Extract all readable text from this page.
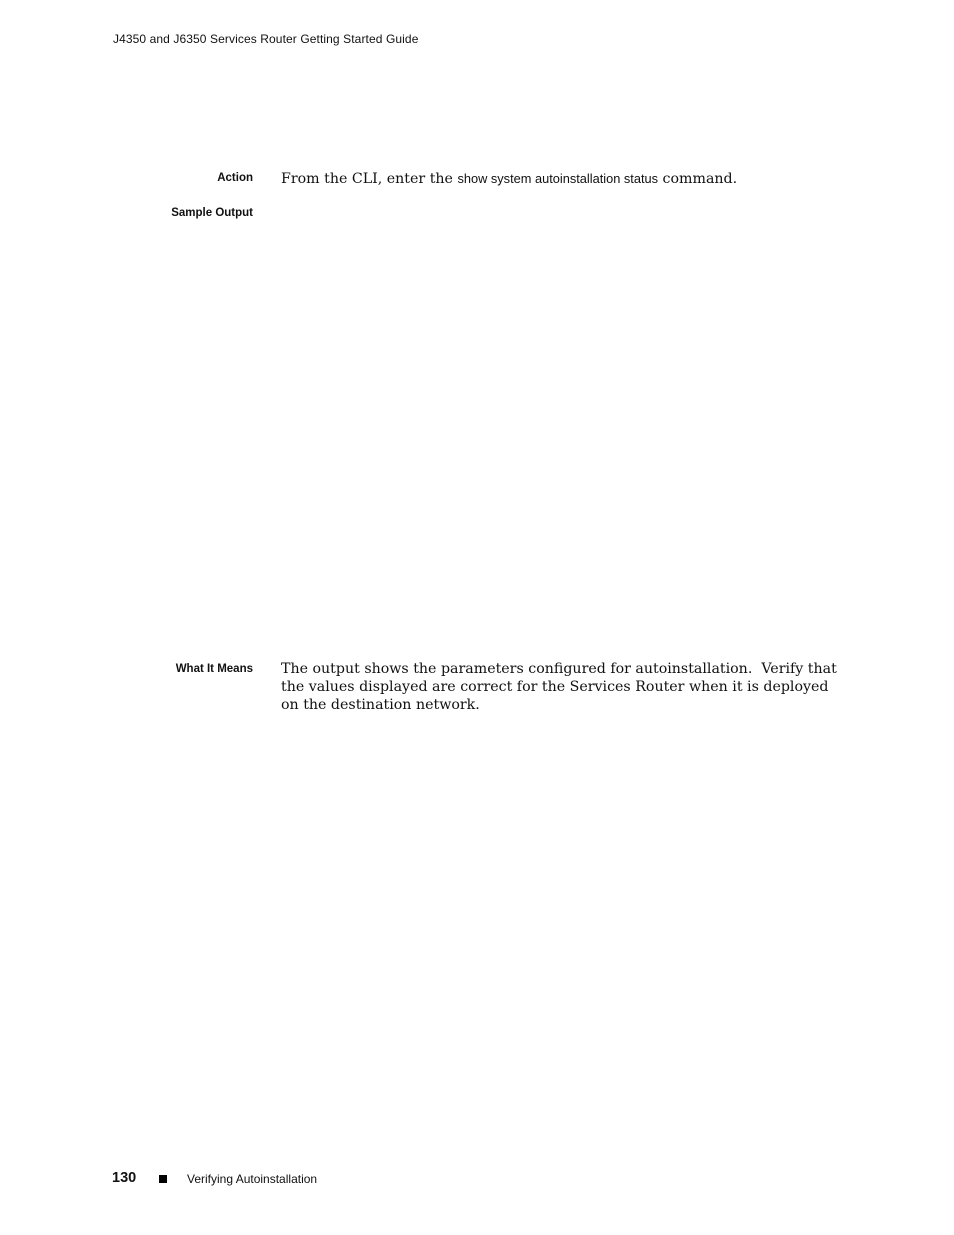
J4350 and J6350 Services Router Getting Started Guide
Action From the CLI, enter the show system autoinstallation status command.
Sample Output
What It Means The output shows the parameters configured for autoinstallation.  Verify that the values displayed are correct for the Services Router when it is deployed on the destination network.
130	Verifying Autoinstallation
